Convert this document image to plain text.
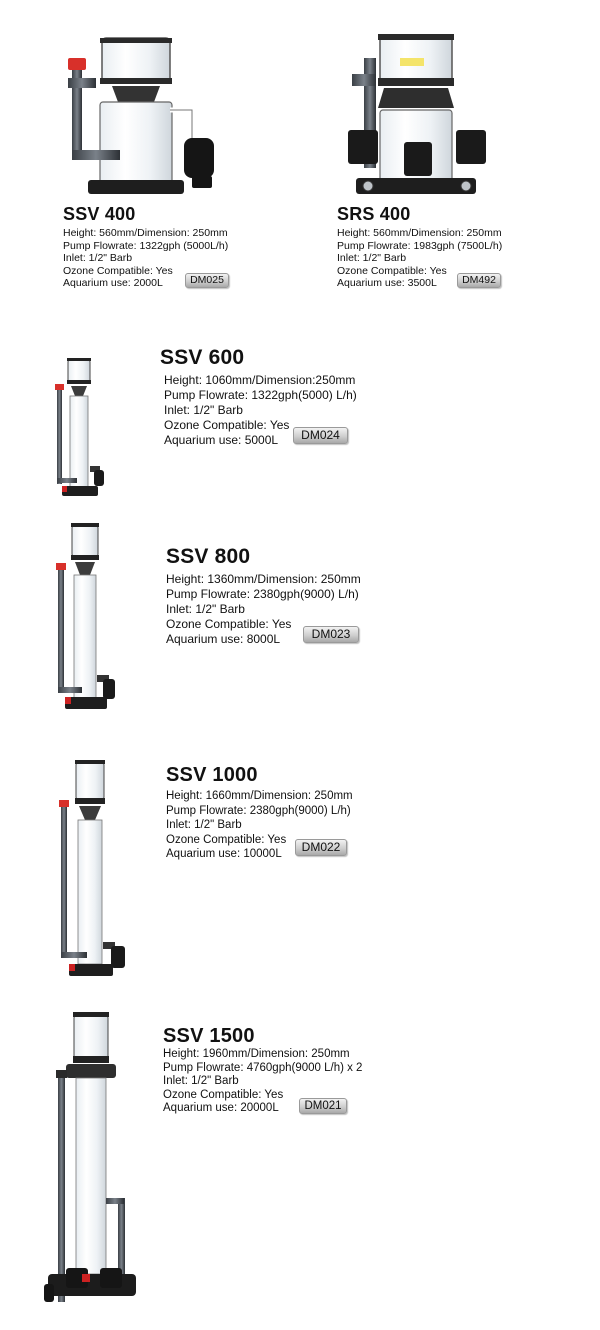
SSV 400
Height: 560mm/Dimension: 250mm
Pump Flowrate: 1322gph (5000L/h)
Inlet: 1/2" Barb
Ozone Compatible: Yes
Aquarium use: 2000L	DM025
SRS 400
Height: 560mm/Dimension: 250mm
Pump Flowrate: 1983gph (7500L/h)
Inlet: 1/2" Barb
Ozone Compatible: Yes
Aquarium use: 3500L	DM492
SSV 600
Height: 1060mm/Dimension:250mm
Pump Flowrate: 1322gph(5000) L/h)
Inlet: 1/2" Barb
Ozone Compatible: Yes
Aquarium use: 5000L	DM024
SSV 800
Height: 1360mm/Dimension: 250mm
Pump Flowrate: 2380gph(9000) L/h)
Inlet: 1/2" Barb
Ozone Compatible: Yes
Aquarium use: 8000L	DM023
SSV 1000
Height: 1660mm/Dimension: 250mm
Pump Flowrate: 2380gph(9000) L/h)
Inlet: 1/2" Barb
Ozone Compatible: Yes
Aquarium use: 10000L	DM022
SSV 1500
Height: 1960mm/Dimension: 250mm
Pump Flowrate: 4760gph(9000 L/h) x 2
Inlet: 1/2" Barb
Ozone Compatible: Yes
Aquarium use: 20000L	DM021
